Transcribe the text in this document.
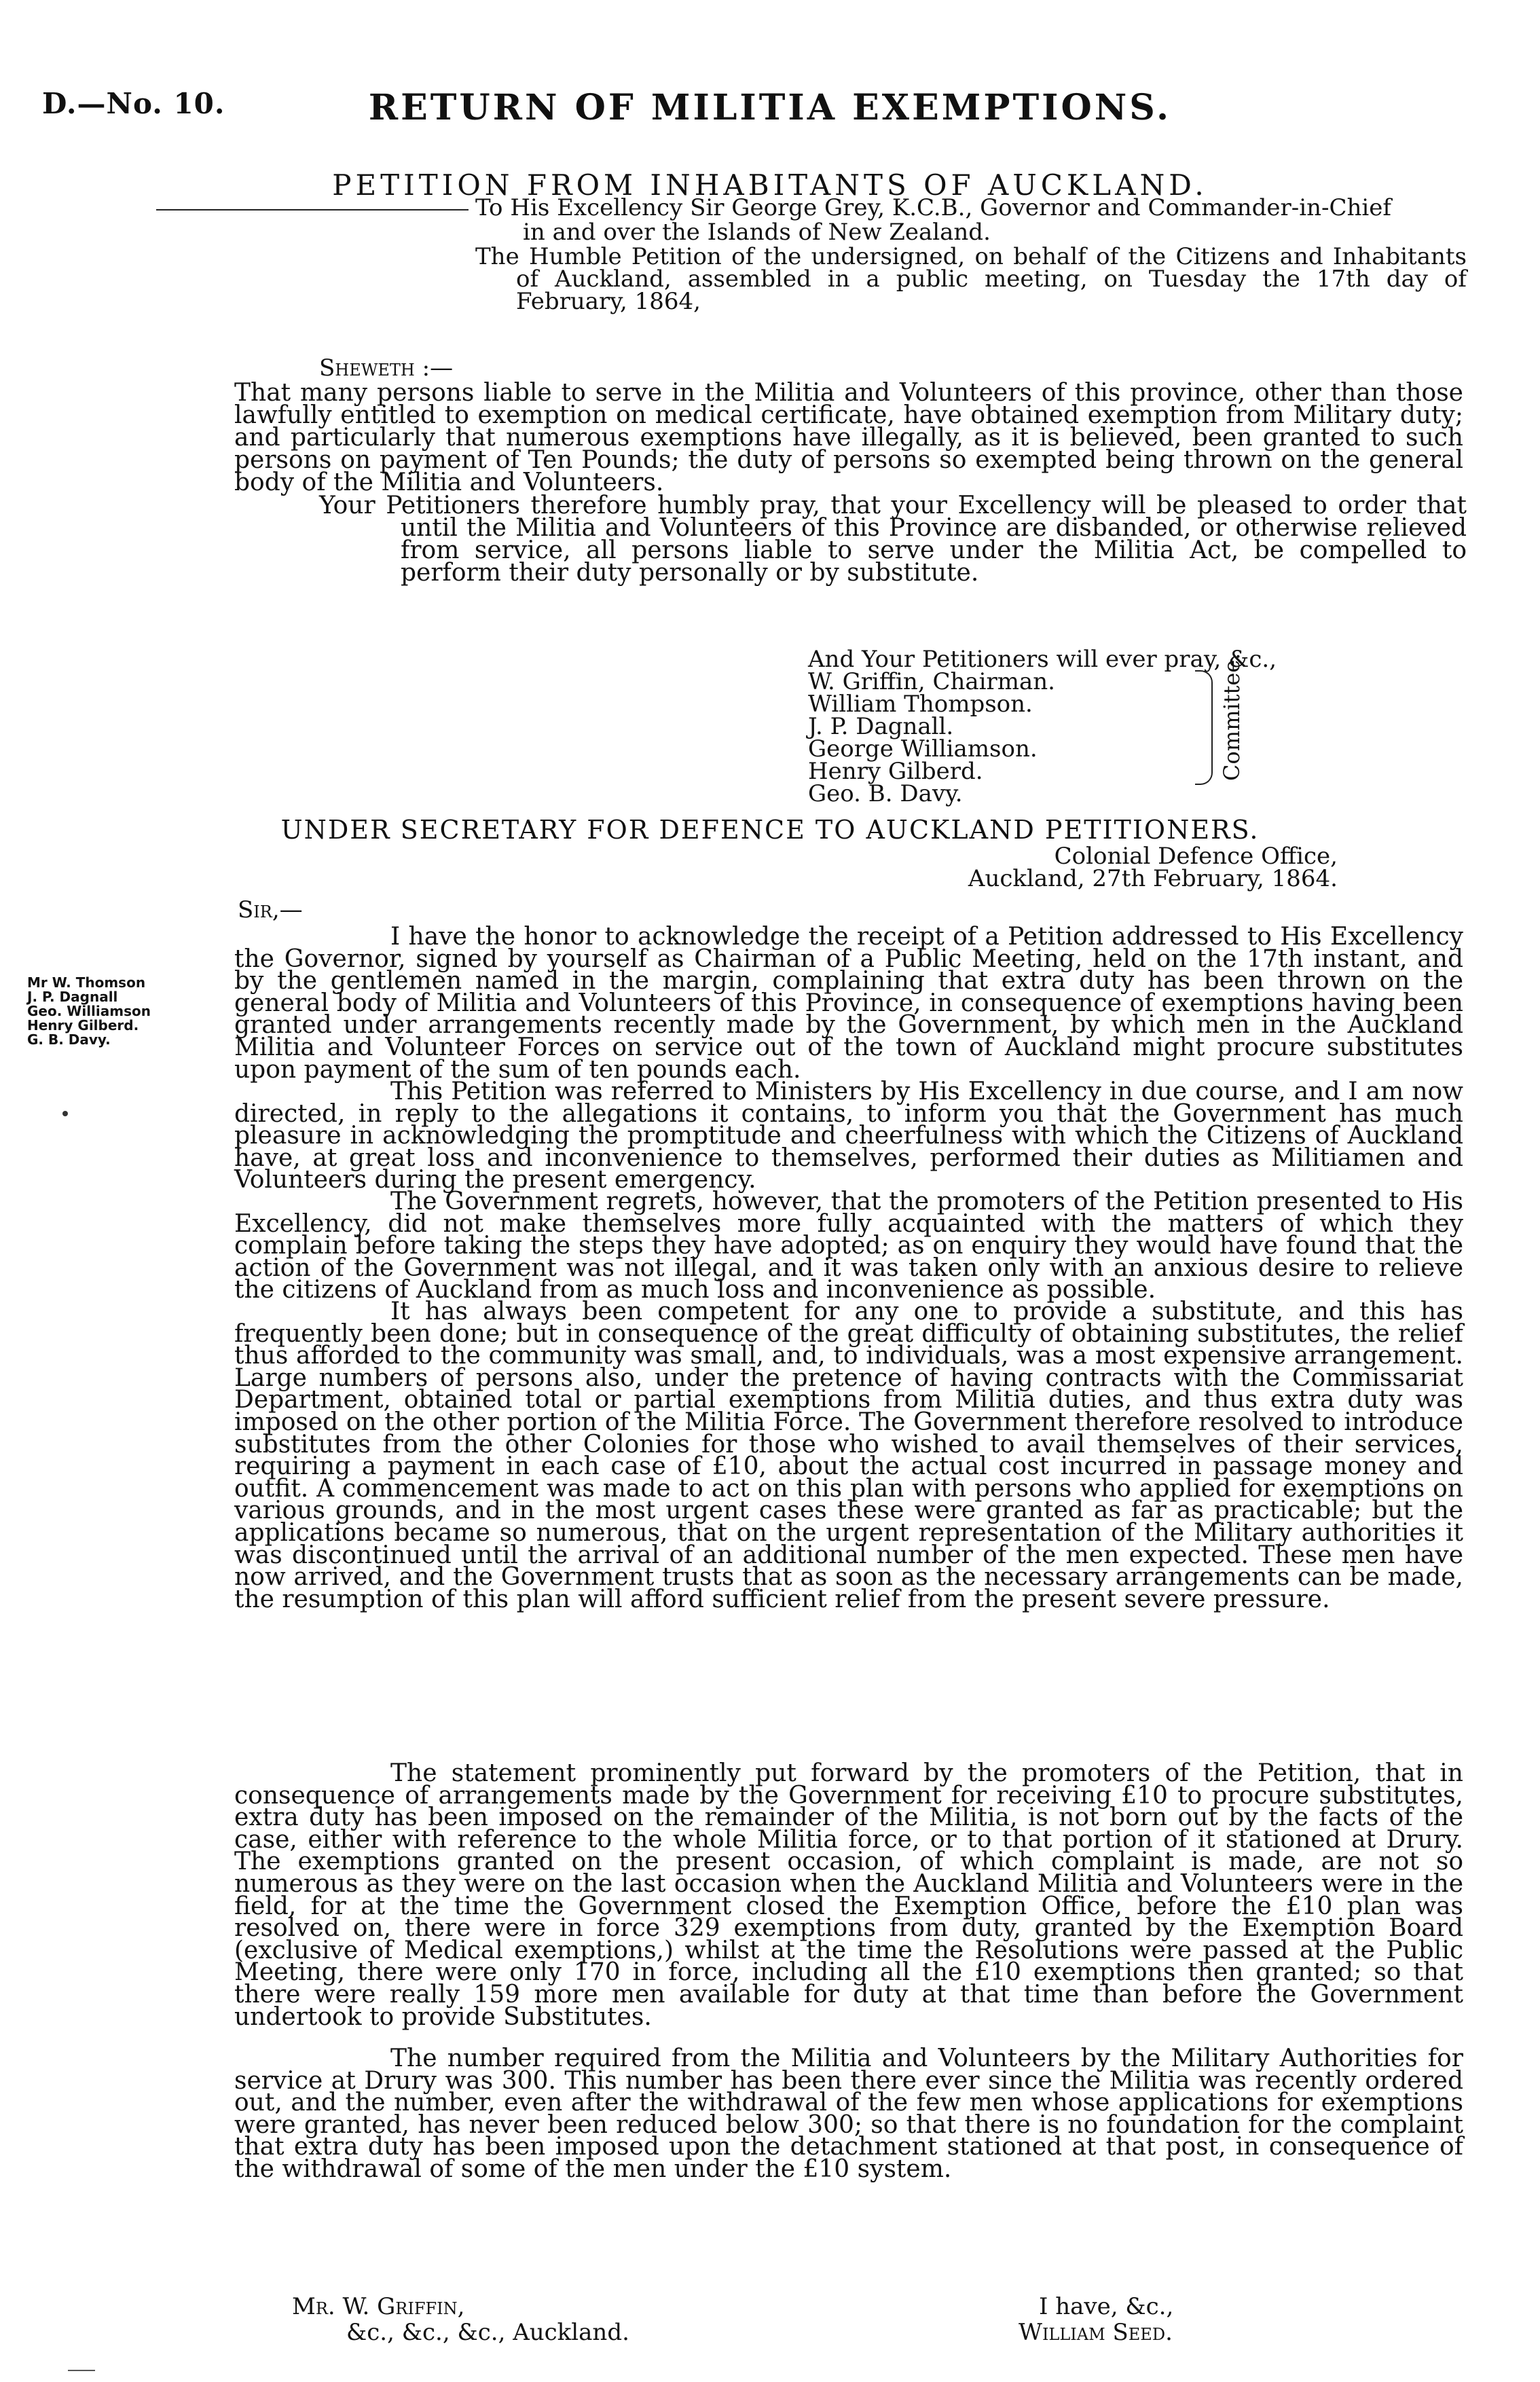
D.—No. 10.	RETURN OF MILITIA EXEMPTIONS.
PETITION FROM INHABITANTS OF AUCKLAND.
To His Excellency Sir George Grey, K.C.B., Governor and Commander-in-Chief
in and over the Islands of New Zealand.
The Humble Petition of the undersigned, on behalf of the Citizens and Inhabitants of Auckland, assembled in a public meeting, on Tuesday the 17th day of February, 1864,
Sheweth :—
That many persons liable to serve in the Militia and Volunteers of this province, other than those lawfully entitled to exemption on medical certificate, have obtained exemption from Military duty; and particularly that numerous exemptions have illegally, as it is believed, been granted to such persons on payment of Ten Pounds; the duty of persons so exempted being thrown on the general body of the Militia and Volunteers.
Your Petitioners therefore humbly pray, that your Excellency will be pleased to order that until the Militia and Volunteers of this Province are disbanded, or otherwise relieved from service, all persons liable to serve under the Militia Act, be compelled to perform their duty personally or by substitute.
And Your Petitioners will ever pray, &c.,
W. Griffin, Chairman.
William Thompson.
J. P. Dagnall.
George Williamson.
Henry Gilberd.
Geo. B. Davy.
Committee.
UNDER SECRETARY FOR DEFENCE TO AUCKLAND PETITIONERS.
Colonial Defence Office,
Auckland, 27th February, 1864.
Sir,—
Mr W. Thomson
J. P. Dagnall
Geo. Williamson
Henry Gilberd.
G. B. Davy.
I have the honor to acknowledge the receipt of a Petition addressed to His Excellency the Governor, signed by yourself as Chairman of a Public Meeting, held on the 17th instant, and by the gentlemen named in the margin, complaining that extra duty has been thrown on the general body of Militia and Volunteers of this Province, in consequence of exemptions having been granted under arrangements recently made by the Government, by which men in the Auckland Militia and Volunteer Forces on service out of the town of Auckland might procure substitutes upon payment of the sum of ten pounds each.
This Petition was referred to Ministers by His Excellency in due course, and I am now directed, in reply to the allegations it contains, to inform you that the Government has much pleasure in acknowledging the promptitude and cheerfulness with which the Citizens of Auckland have, at great loss and inconvenience to themselves, performed their duties as Militiamen and Volunteers during the present emergency.
The Government regrets, however, that the promoters of the Petition presented to His Excellency, did not make themselves more fully acquainted with the matters of which they complain before taking the steps they have adopted; as on enquiry they would have found that the action of the Government was not illegal, and it was taken only with an anxious desire to relieve the citizens of Auckland from as much loss and inconvenience as possible.
It has always been competent for any one to provide a substitute, and this has frequently been done; but in consequence of the great difficulty of obtaining substitutes, the relief thus afforded to the community was small, and, to individuals, was a most expensive arrangement. Large numbers of persons also, under the pretence of having contracts with the Commissariat Department, obtained total or partial exemptions from Militia duties, and thus extra duty was imposed on the other portion of the Militia Force. The Government therefore resolved to introduce substitutes from the other Colonies for those who wished to avail themselves of their services, requiring a payment in each case of £10, about the actual cost incurred in passage money and outfit. A commencement was made to act on this plan with persons who applied for exemptions on various grounds, and in the most urgent cases these were granted as far as practicable; but the applications became so numerous, that on the urgent representation of the Military authorities it was discontinued until the arrival of an additional number of the men expected. These men have now arrived, and the Government trusts that as soon as the necessary arrangements can be made, the resumption of this plan will afford sufficient relief from the present severe pressure.
The statement prominently put forward by the promoters of the Petition, that in consequence of arrangements made by the Government for receiving £10 to procure substitutes, extra duty has been imposed on the remainder of the Militia, is not born out by the facts of the case, either with reference to the whole Militia force, or to that portion of it stationed at Drury. The exemptions granted on the present occasion, of which complaint is made, are not so numerous as they were on the last occasion when the Auckland Militia and Volunteers were in the field, for at the time the Government closed the Exemption Office, before the £10 plan was resolved on, there were in force 329 exemptions from duty, granted by the Exemption Board (exclusive of Medical exemptions,) whilst at the time the Resolutions were passed at the Public Meeting, there were only 170 in force, including all the £10 exemptions then granted; so that there were really 159 more men available for duty at that time than before the Government undertook to provide Substitutes.
The number required from the Militia and Volunteers by the Military Authorities for service at Drury was 300. This number has been there ever since the Militia was recently ordered out, and the number, even after the withdrawal of the few men whose applications for exemptions were granted, has never been reduced below 300; so that there is no foundation for the complaint that extra duty has been imposed upon the detachment stationed at that post, in consequence of the withdrawal of some of the men under the £10 system.
Mr. W. Griffin,
&c., &c., &c., Auckland.
I have, &c.,
William Seed.
